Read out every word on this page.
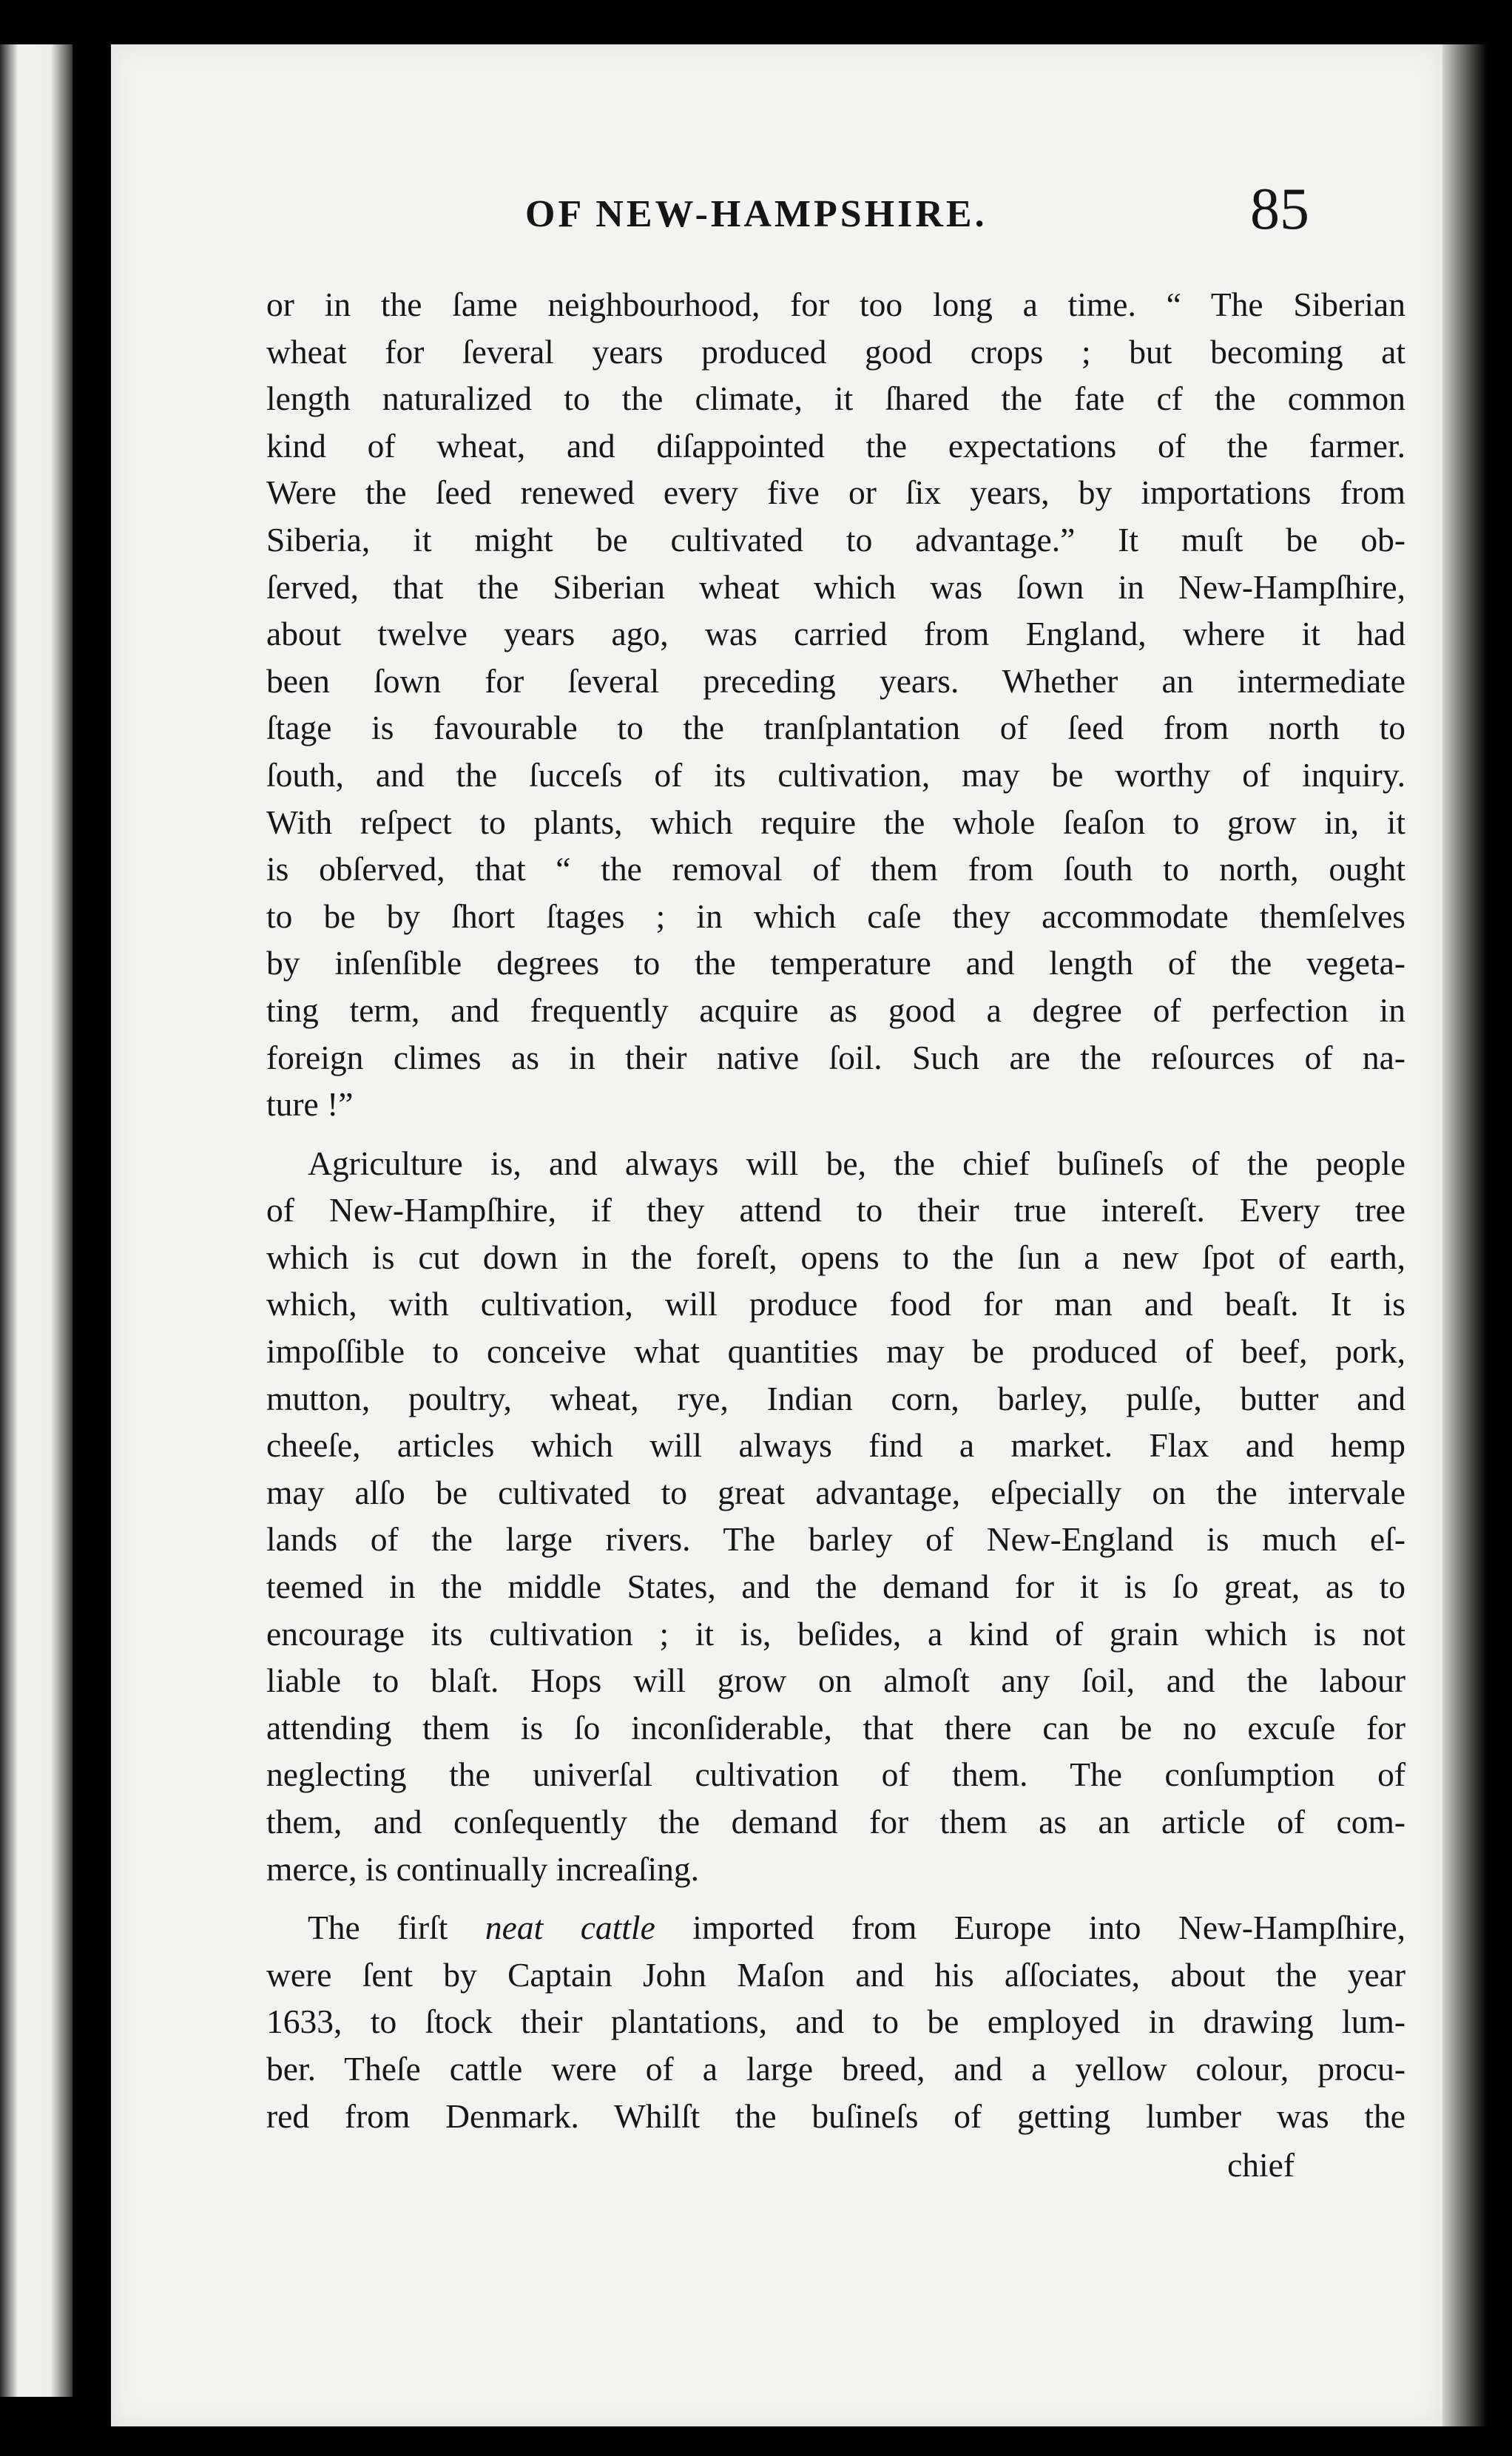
OF NEW-HAMPSHIRE.	85
or in the ſame neighbourhood, for too long a time. “ The Siberian
wheat for ſeveral years produced good crops ; but becoming at
length naturalized to the climate, it ſhared the fate cf the common
kind of wheat, and diſappointed the expectations of the farmer.
Were the ſeed renewed every five or ſix years, by importations from
Siberia, it might be cultivated to advantage.” It muſt be ob-
ſerved, that the Siberian wheat which was ſown in New-Hampſhire,
about twelve years ago, was carried from England, where it had
been ſown for ſeveral preceding years. Whether an intermediate
ſtage is favourable to the tranſplantation of ſeed from north to
ſouth, and the ſucceſs of its cultivation, may be worthy of inquiry.
With reſpect to plants, which require the whole ſeaſon to grow in, it
is obſerved, that “ the removal of them from ſouth to north, ought
to be by ſhort ſtages ; in which caſe they accommodate themſelves
by inſenſible degrees to the temperature and length of the vegeta-
ting term, and frequently acquire as good a degree of perfection in
foreign climes as in their native ſoil. Such are the reſources of na-
ture !”
Agriculture is, and always will be, the chief buſineſs of the people
of New-Hampſhire, if they attend to their true intereſt. Every tree
which is cut down in the foreſt, opens to the ſun a new ſpot of earth,
which, with cultivation, will produce food for man and beaſt. It is
impoſſible to conceive what quantities may be produced of beef, pork,
mutton, poultry, wheat, rye, Indian corn, barley, pulſe, butter and
cheeſe, articles which will always find a market. Flax and hemp
may alſo be cultivated to great advantage, eſpecially on the intervale
lands of the large rivers. The barley of New-England is much eſ-
teemed in the middle States, and the demand for it is ſo great, as to
encourage its cultivation ; it is, beſides, a kind of grain which is not
liable to blaſt. Hops will grow on almoſt any ſoil, and the labour
attending them is ſo inconſiderable, that there can be no excuſe for
neglecting the univerſal cultivation of them. The conſumption of
them, and conſequently the demand for them as an article of com-
merce, is continually increaſing.
The firſt neat cattle imported from Europe into New-Hampſhire,
were ſent by Captain John Maſon and his aſſociates, about the year
1633, to ſtock their plantations, and to be employed in drawing lum-
ber. Theſe cattle were of a large breed, and a yellow colour, procu-
red from Denmark. Whilſt the buſineſs of getting lumber was the
chief
